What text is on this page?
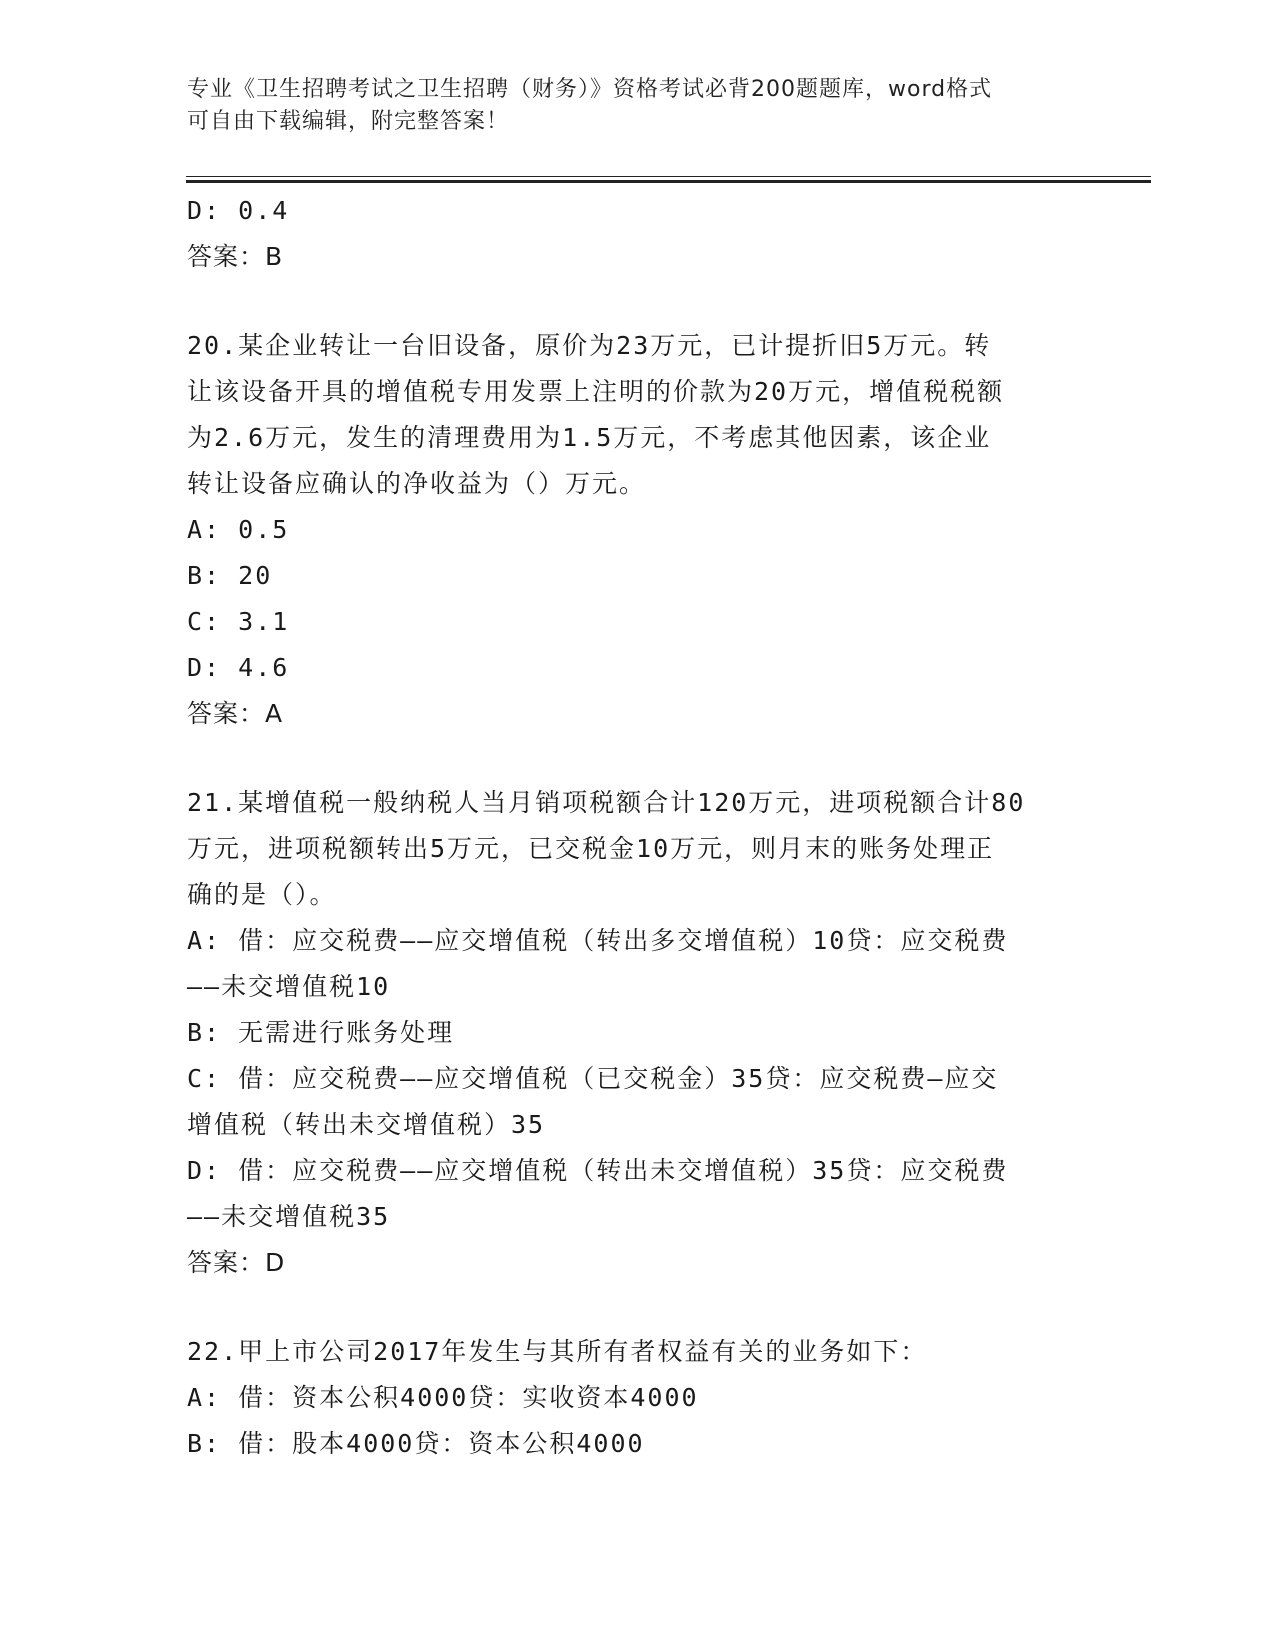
专业《卫生招聘考试之卫生招聘（财务）》资格考试必背200题题库，word格式
可自由下载编辑，附完整答案！

D: 0.4

答案：B

20.某企业转让一台旧设备，原价为23万元，已计提折旧5万元。转

让该设备开具的增值税专用发票上注明的价款为20万元，增值税税额

为2.6万元，发生的清理费用为1.5万元，不考虑其他因素，该企业

转让设备应确认的净收益为（）万元。

A: 0.5

B: 20

C: 3.1

D: 4.6

答案：A

21.某增值税一般纳税人当月销项税额合计120万元，进项税额合计80

万元，进项税额转出5万元，已交税金10万元，则月末的账务处理正

确的是（）。

A: 借：应交税费——应交增值税（转出多交增值税）10贷：应交税费

——未交增值税10

B: 无需进行账务处理

C: 借：应交税费——应交增值税（已交税金）35贷：应交税费—应交

增值税（转出未交增值税）35

D: 借：应交税费——应交增值税（转出未交增值税）35贷：应交税费

——未交增值税35

答案：D

22.甲上市公司2017年发生与其所有者权益有关的业务如下：

A: 借：资本公积4000贷：实收资本4000

B: 借：股本4000贷：资本公积4000
